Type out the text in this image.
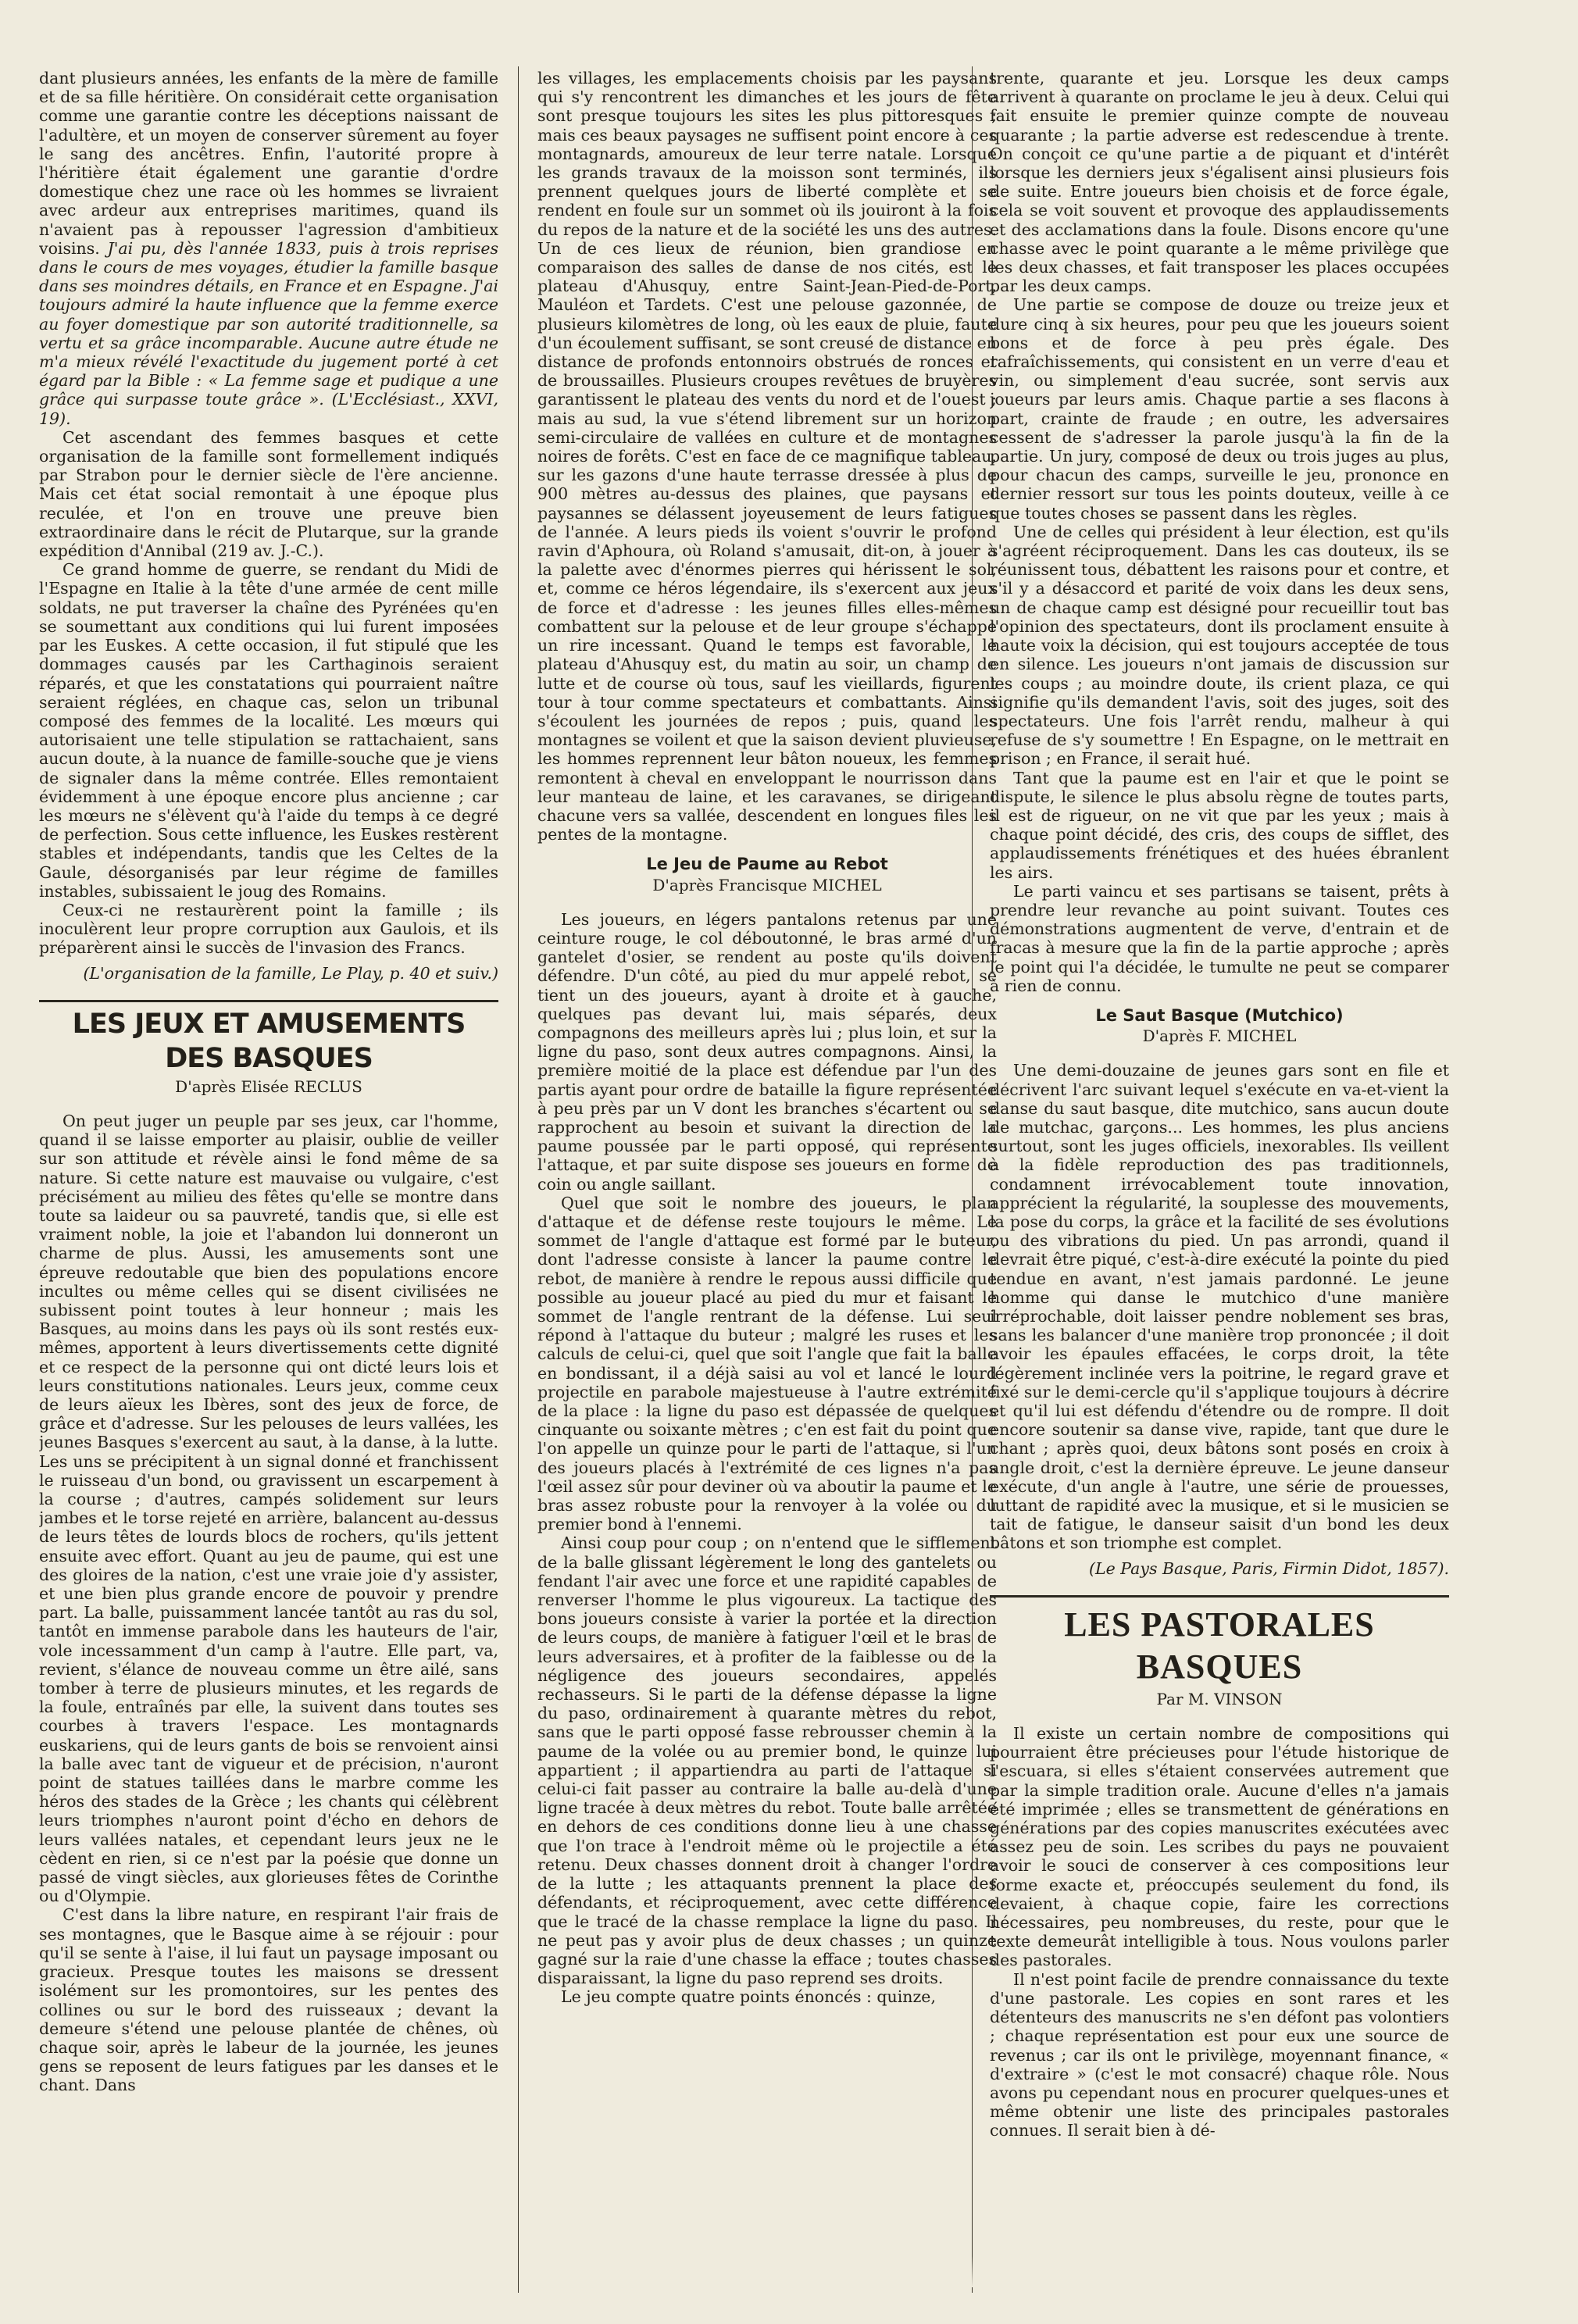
dant plusieurs années, les enfants de la mère de famille et de sa fille héritière. On considérait cette organisation comme une garantie contre les déceptions naissant de l'adultère, et un moyen de conserver sûrement au foyer le sang des ancêtres. Enfin, l'autorité propre à l'héritière était également une garantie d'ordre domestique chez une race où les hommes se livraient avec ardeur aux entreprises maritimes, quand ils n'avaient pas à repousser l'agression d'ambitieux voisins. J'ai pu, dès l'année 1833, puis à trois reprises dans le cours de mes voyages, étudier la famille basque dans ses moindres détails, en France et en Espagne. J'ai toujours admiré la haute influence que la femme exerce au foyer domestique par son autorité traditionnelle, sa vertu et sa grâce incomparable. Aucune autre étude ne m'a mieux révélé l'exactitude du jugement porté à cet égard par la Bible : « La femme sage et pudique a une grâce qui surpasse toute grâce ». (L'Ecclésiast., XXVI, 19).

Cet ascendant des femmes basques et cette organisation de la famille sont formellement indiqués par Strabon pour le dernier siècle de l'ère ancienne. Mais cet état social remontait à une époque plus reculée, et l'on en trouve une preuve bien extraordinaire dans le récit de Plutarque, sur la grande expédition d'Annibal (219 av. J.-C.).

Ce grand homme de guerre, se rendant du Midi de l'Espagne en Italie à la tête d'une armée de cent mille soldats, ne put traverser la chaîne des Pyrénées qu'en se soumettant aux conditions qui lui furent imposées par les Euskes. A cette occasion, il fut stipulé que les dommages causés par les Carthaginois seraient réparés, et que les constatations qui pourraient naître seraient réglées, en chaque cas, selon un tribunal composé des femmes de la localité. Les mœurs qui autorisaient une telle stipulation se rattachaient, sans aucun doute, à la nuance de famille-souche que je viens de signaler dans la même contrée. Elles remontaient évidemment à une époque encore plus ancienne ; car les mœurs ne s'élèvent qu'à l'aide du temps à ce degré de perfection. Sous cette influence, les Euskes restèrent stables et indépendants, tandis que les Celtes de la Gaule, désorganisés par leur régime de familles instables, subissaient le joug des Romains.

Ceux-ci ne restaurèrent point la famille ; ils inoculèrent leur propre corruption aux Gaulois, et ils préparèrent ainsi le succès de l'invasion des Francs.

(L'organisation de la famille, Le Play, p. 40 et suiv.)

LES JEUX ET AMUSEMENTS DES BASQUES
D'après Elisée RECLUS

On peut juger un peuple par ses jeux, car l'homme, quand il se laisse emporter au plaisir, oublie de veiller sur son attitude et révèle ainsi le fond même de sa nature. Si cette nature est mauvaise ou vulgaire, c'est précisément au milieu des fêtes qu'elle se montre dans toute sa laideur ou sa pauvreté, tandis que, si elle est vraiment noble, la joie et l'abandon lui donneront un charme de plus. Aussi, les amusements sont une épreuve redoutable que bien des populations encore incultes ou même celles qui se disent civilisées ne subissent point toutes à leur honneur ; mais les Basques, au moins dans les pays où ils sont restés eux-mêmes, apportent à leurs divertissements cette dignité et ce respect de la personne qui ont dicté leurs lois et leurs constitutions nationales. Leurs jeux, comme ceux de leurs aïeux les Ibères, sont des jeux de force, de grâce et d'adresse. Sur les pelouses de leurs vallées, les jeunes Basques s'exercent au saut, à la danse, à la lutte. Les uns se précipitent à un signal donné et franchissent le ruisseau d'un bond, ou gravissent un escarpement à la course ; d'autres, campés solidement sur leurs jambes et le torse rejeté en arrière, balancent au-dessus de leurs têtes de lourds blocs de rochers, qu'ils jettent ensuite avec effort. Quant au jeu de paume, qui est une des gloires de la nation, c'est une vraie joie d'y assister, et une bien plus grande encore de pouvoir y prendre part. La balle, puissamment lancée tantôt au ras du sol, tantôt en immense parabole dans les hauteurs de l'air, vole incessamment d'un camp à l'autre. Elle part, va, revient, s'élance de nouveau comme un être ailé, sans tomber à terre de plusieurs minutes, et les regards de la foule, entraînés par elle, la suivent dans toutes ses courbes à travers l'espace. Les montagnards euskariens, qui de leurs gants de bois se renvoient ainsi la balle avec tant de vigueur et de précision, n'auront point de statues taillées dans le marbre comme les héros des stades de la Grèce ; les chants qui célèbrent leurs triomphes n'auront point d'écho en dehors de leurs vallées natales, et cependant leurs jeux ne le cèdent en rien, si ce n'est par la poésie que donne un passé de vingt siècles, aux glorieuses fêtes de Corinthe ou d'Olympie.

C'est dans la libre nature, en respirant l'air frais de ses montagnes, que le Basque aime à se réjouir : pour qu'il se sente à l'aise, il lui faut un paysage imposant ou gracieux. Presque toutes les maisons se dressent isolément sur les promontoires, sur les pentes des collines ou sur le bord des ruisseaux ; devant la demeure s'étend une pelouse plantée de chênes, où chaque soir, après le labeur de la journée, les jeunes gens se reposent de leurs fatigues par les danses et le chant. Dans

les villages, les emplacements choisis par les paysans qui s'y rencontrent les dimanches et les jours de fête sont presque toujours les sites les plus pittoresques ; mais ces beaux paysages ne suffisent point encore à ces montagnards, amoureux de leur terre natale. Lorsque les grands travaux de la moisson sont terminés, ils prennent quelques jours de liberté complète et se rendent en foule sur un sommet où ils jouiront à la fois du repos de la nature et de la société les uns des autres. Un de ces lieux de réunion, bien grandiose en comparaison des salles de danse de nos cités, est le plateau d'Ahusquy, entre Saint-Jean-Pied-de-Port, Mauléon et Tardets. C'est une pelouse gazonnée, de plusieurs kilomètres de long, où les eaux de pluie, faute d'un écoulement suffisant, se sont creusé de distance en distance de profonds entonnoirs obstrués de ronces et de broussailles. Plusieurs croupes revêtues de bruyères garantissent le plateau des vents du nord et de l'ouest ; mais au sud, la vue s'étend librement sur un horizon semi-circulaire de vallées en culture et de montagnes noires de forêts. C'est en face de ce magnifique tableau, sur les gazons d'une haute terrasse dressée à plus de 900 mètres au-dessus des plaines, que paysans et paysannes se délassent joyeusement de leurs fatigues de l'année. A leurs pieds ils voient s'ouvrir le profond ravin d'Aphoura, où Roland s'amusait, dit-on, à jouer à la palette avec d'énormes pierres qui hérissent le sol, et, comme ce héros légendaire, ils s'exercent aux jeux de force et d'adresse : les jeunes filles elles-mêmes combattent sur la pelouse et de leur groupe s'échappe un rire incessant. Quand le temps est favorable, le plateau d'Ahusquy est, du matin au soir, un champ de lutte et de course où tous, sauf les vieillards, figurent tour à tour comme spectateurs et combattants. Ainsi s'écoulent les journées de repos ; puis, quand les montagnes se voilent et que la saison devient pluvieuse, les hommes reprennent leur bâton noueux, les femmes remontent à cheval en enveloppant le nourrisson dans leur manteau de laine, et les caravanes, se dirigeant chacune vers sa vallée, descendent en longues files les pentes de la montagne.

Le Jeu de Paume au Rebot
D'après Francisque MICHEL

Les joueurs, en légers pantalons retenus par une ceinture rouge, le col déboutonné, le bras armé d'un gantelet d'osier, se rendent au poste qu'ils doivent défendre. D'un côté, au pied du mur appelé rebot, se tient un des joueurs, ayant à droite et à gauche, quelques pas devant lui, mais séparés, deux compagnons des meilleurs après lui ; plus loin, et sur la ligne du paso, sont deux autres compagnons. Ainsi, la première moitié de la place est défendue par l'un des partis ayant pour ordre de bataille la figure représentée à peu près par un V dont les branches s'écartent ou se rapprochent au besoin et suivant la direction de la paume poussée par le parti opposé, qui représente l'attaque, et par suite dispose ses joueurs en forme de coin ou angle saillant.

Quel que soit le nombre des joueurs, le plan d'attaque et de défense reste toujours le même. Le sommet de l'angle d'attaque est formé par le buteur, dont l'adresse consiste à lancer la paume contre le rebot, de manière à rendre le repous aussi difficile que possible au joueur placé au pied du mur et faisant le sommet de l'angle rentrant de la défense. Lui seul répond à l'attaque du buteur ; malgré les ruses et les calculs de celui-ci, quel que soit l'angle que fait la balle en bondissant, il a déjà saisi au vol et lancé le lourd projectile en parabole majestueuse à l'autre extrémité de la place : la ligne du paso est dépassée de quelques cinquante ou soixante mètres ; c'en est fait du point que l'on appelle un quinze pour le parti de l'attaque, si l'un des joueurs placés à l'extrémité de ces lignes n'a pas l'œil assez sûr pour deviner où va aboutir la paume et le bras assez robuste pour la renvoyer à la volée ou du premier bond à l'ennemi.

Ainsi coup pour coup ; on n'entend que le sifflement de la balle glissant légèrement le long des gantelets ou fendant l'air avec une force et une rapidité capables de renverser l'homme le plus vigoureux. La tactique des bons joueurs consiste à varier la portée et la direction de leurs coups, de manière à fatiguer l'œil et le bras de leurs adversaires, et à profiter de la faiblesse ou de la négligence des joueurs secondaires, appelés rechasseurs. Si le parti de la défense dépasse la ligne du paso, ordinairement à quarante mètres du rebot, sans que le parti opposé fasse rebrousser chemin à la paume de la volée ou au premier bond, le quinze lui appartient ; il appartiendra au parti de l'attaque si celui-ci fait passer au contraire la balle au-delà d'une ligne tracée à deux mètres du rebot. Toute balle arrêtée en dehors de ces conditions donne lieu à une chasse que l'on trace à l'endroit même où le projectile a été retenu. Deux chasses donnent droit à changer l'ordre de la lutte ; les attaquants prennent la place des défendants, et réciproquement, avec cette différence que le tracé de la chasse remplace la ligne du paso. Il ne peut pas y avoir plus de deux chasses ; un quinze gagné sur la raie d'une chasse la efface ; toutes chasses disparaissant, la ligne du paso reprend ses droits.

Le jeu compte quatre points énoncés : quinze,

trente, quarante et jeu. Lorsque les deux camps arrivent à quarante on proclame le jeu à deux. Celui qui fait ensuite le premier quinze compte de nouveau quarante ; la partie adverse est redescendue à trente. On conçoit ce qu'une partie a de piquant et d'intérêt lorsque les derniers jeux s'égalisent ainsi plusieurs fois de suite. Entre joueurs bien choisis et de force égale, cela se voit souvent et provoque des applaudissements et des acclamations dans la foule. Disons encore qu'une chasse avec le point quarante a le même privilège que les deux chasses, et fait transposer les places occupées par les deux camps.

Une partie se compose de douze ou treize jeux et dure cinq à six heures, pour peu que les joueurs soient bons et de force à peu près égale. Des rafraîchissements, qui consistent en un verre d'eau et vin, ou simplement d'eau sucrée, sont servis aux joueurs par leurs amis. Chaque partie a ses flacons à part, crainte de fraude ; en outre, les adversaires cessent de s'adresser la parole jusqu'à la fin de la partie. Un jury, composé de deux ou trois juges au plus, pour chacun des camps, surveille le jeu, prononce en dernier ressort sur tous les points douteux, veille à ce que toutes choses se passent dans les règles.

Une de celles qui président à leur élection, est qu'ils s'agréent réciproquement. Dans les cas douteux, ils se réunissent tous, débattent les raisons pour et contre, et s'il y a désaccord et parité de voix dans les deux sens, un de chaque camp est désigné pour recueillir tout bas l'opinion des spectateurs, dont ils proclament ensuite à haute voix la décision, qui est toujours acceptée de tous en silence. Les joueurs n'ont jamais de discussion sur les coups ; au moindre doute, ils crient plaza, ce qui signifie qu'ils demandent l'avis, soit des juges, soit des spectateurs. Une fois l'arrêt rendu, malheur à qui refuse de s'y soumettre ! En Espagne, on le mettrait en prison ; en France, il serait hué.

Tant que la paume est en l'air et que le point se dispute, le silence le plus absolu règne de toutes parts, il est de rigueur, on ne vit que par les yeux ; mais à chaque point décidé, des cris, des coups de sifflet, des applaudissements frénétiques et des huées ébranlent les airs.

Le parti vaincu et ses partisans se taisent, prêts à prendre leur revanche au point suivant. Toutes ces démonstrations augmentent de verve, d'entrain et de fracas à mesure que la fin de la partie approche ; après le point qui l'a décidée, le tumulte ne peut se comparer à rien de connu.

Le Saut Basque (Mutchico)
D'après F. MICHEL

Une demi-douzaine de jeunes gars sont en file et décrivent l'arc suivant lequel s'exécute en va-et-vient la danse du saut basque, dite mutchico, sans aucun doute de mutchac, garçons... Les hommes, les plus anciens surtout, sont les juges officiels, inexorables. Ils veillent à la fidèle reproduction des pas traditionnels, condamnent irrévocablement toute innovation, apprécient la régularité, la souplesse des mouvements, la pose du corps, la grâce et la facilité de ses évolutions ou des vibrations du pied. Un pas arrondi, quand il devrait être piqué, c'est-à-dire exécuté la pointe du pied tendue en avant, n'est jamais pardonné. Le jeune homme qui danse le mutchico d'une manière irréprochable, doit laisser pendre noblement ses bras, sans les balancer d'une manière trop prononcée ; il doit avoir les épaules effacées, le corps droit, la tête légèrement inclinée vers la poitrine, le regard grave et fixé sur le demi-cercle qu'il s'applique toujours à décrire et qu'il lui est défendu d'étendre ou de rompre. Il doit encore soutenir sa danse vive, rapide, tant que dure le chant ; après quoi, deux bâtons sont posés en croix à angle droit, c'est la dernière épreuve. Le jeune danseur exécute, d'un angle à l'autre, une série de prouesses, luttant de rapidité avec la musique, et si le musicien se tait de fatigue, le danseur saisit d'un bond les deux bâtons et son triomphe est complet.

(Le Pays Basque, Paris, Firmin Didot, 1857).

LES PASTORALES BASQUES
Par M. VINSON

Il existe un certain nombre de compositions qui pourraient être précieuses pour l'étude historique de l'escuara, si elles s'étaient conservées autrement que par la simple tradition orale. Aucune d'elles n'a jamais été imprimée ; elles se transmettent de générations en générations par des copies manuscrites exécutées avec assez peu de soin. Les scribes du pays ne pouvaient avoir le souci de conserver à ces compositions leur forme exacte et, préoccupés seulement du fond, ils devaient, à chaque copie, faire les corrections nécessaires, peu nombreuses, du reste, pour que le texte demeurât intelligible à tous. Nous voulons parler des pastorales.

Il n'est point facile de prendre connaissance du texte d'une pastorale. Les copies en sont rares et les détenteurs des manuscrits ne s'en défont pas volontiers ; chaque représentation est pour eux une source de revenus ; car ils ont le privilège, moyennant finance, « d'extraire » (c'est le mot consacré) chaque rôle. Nous avons pu cependant nous en procurer quelques-unes et même obtenir une liste des principales pastorales connues. Il serait bien à dé-
